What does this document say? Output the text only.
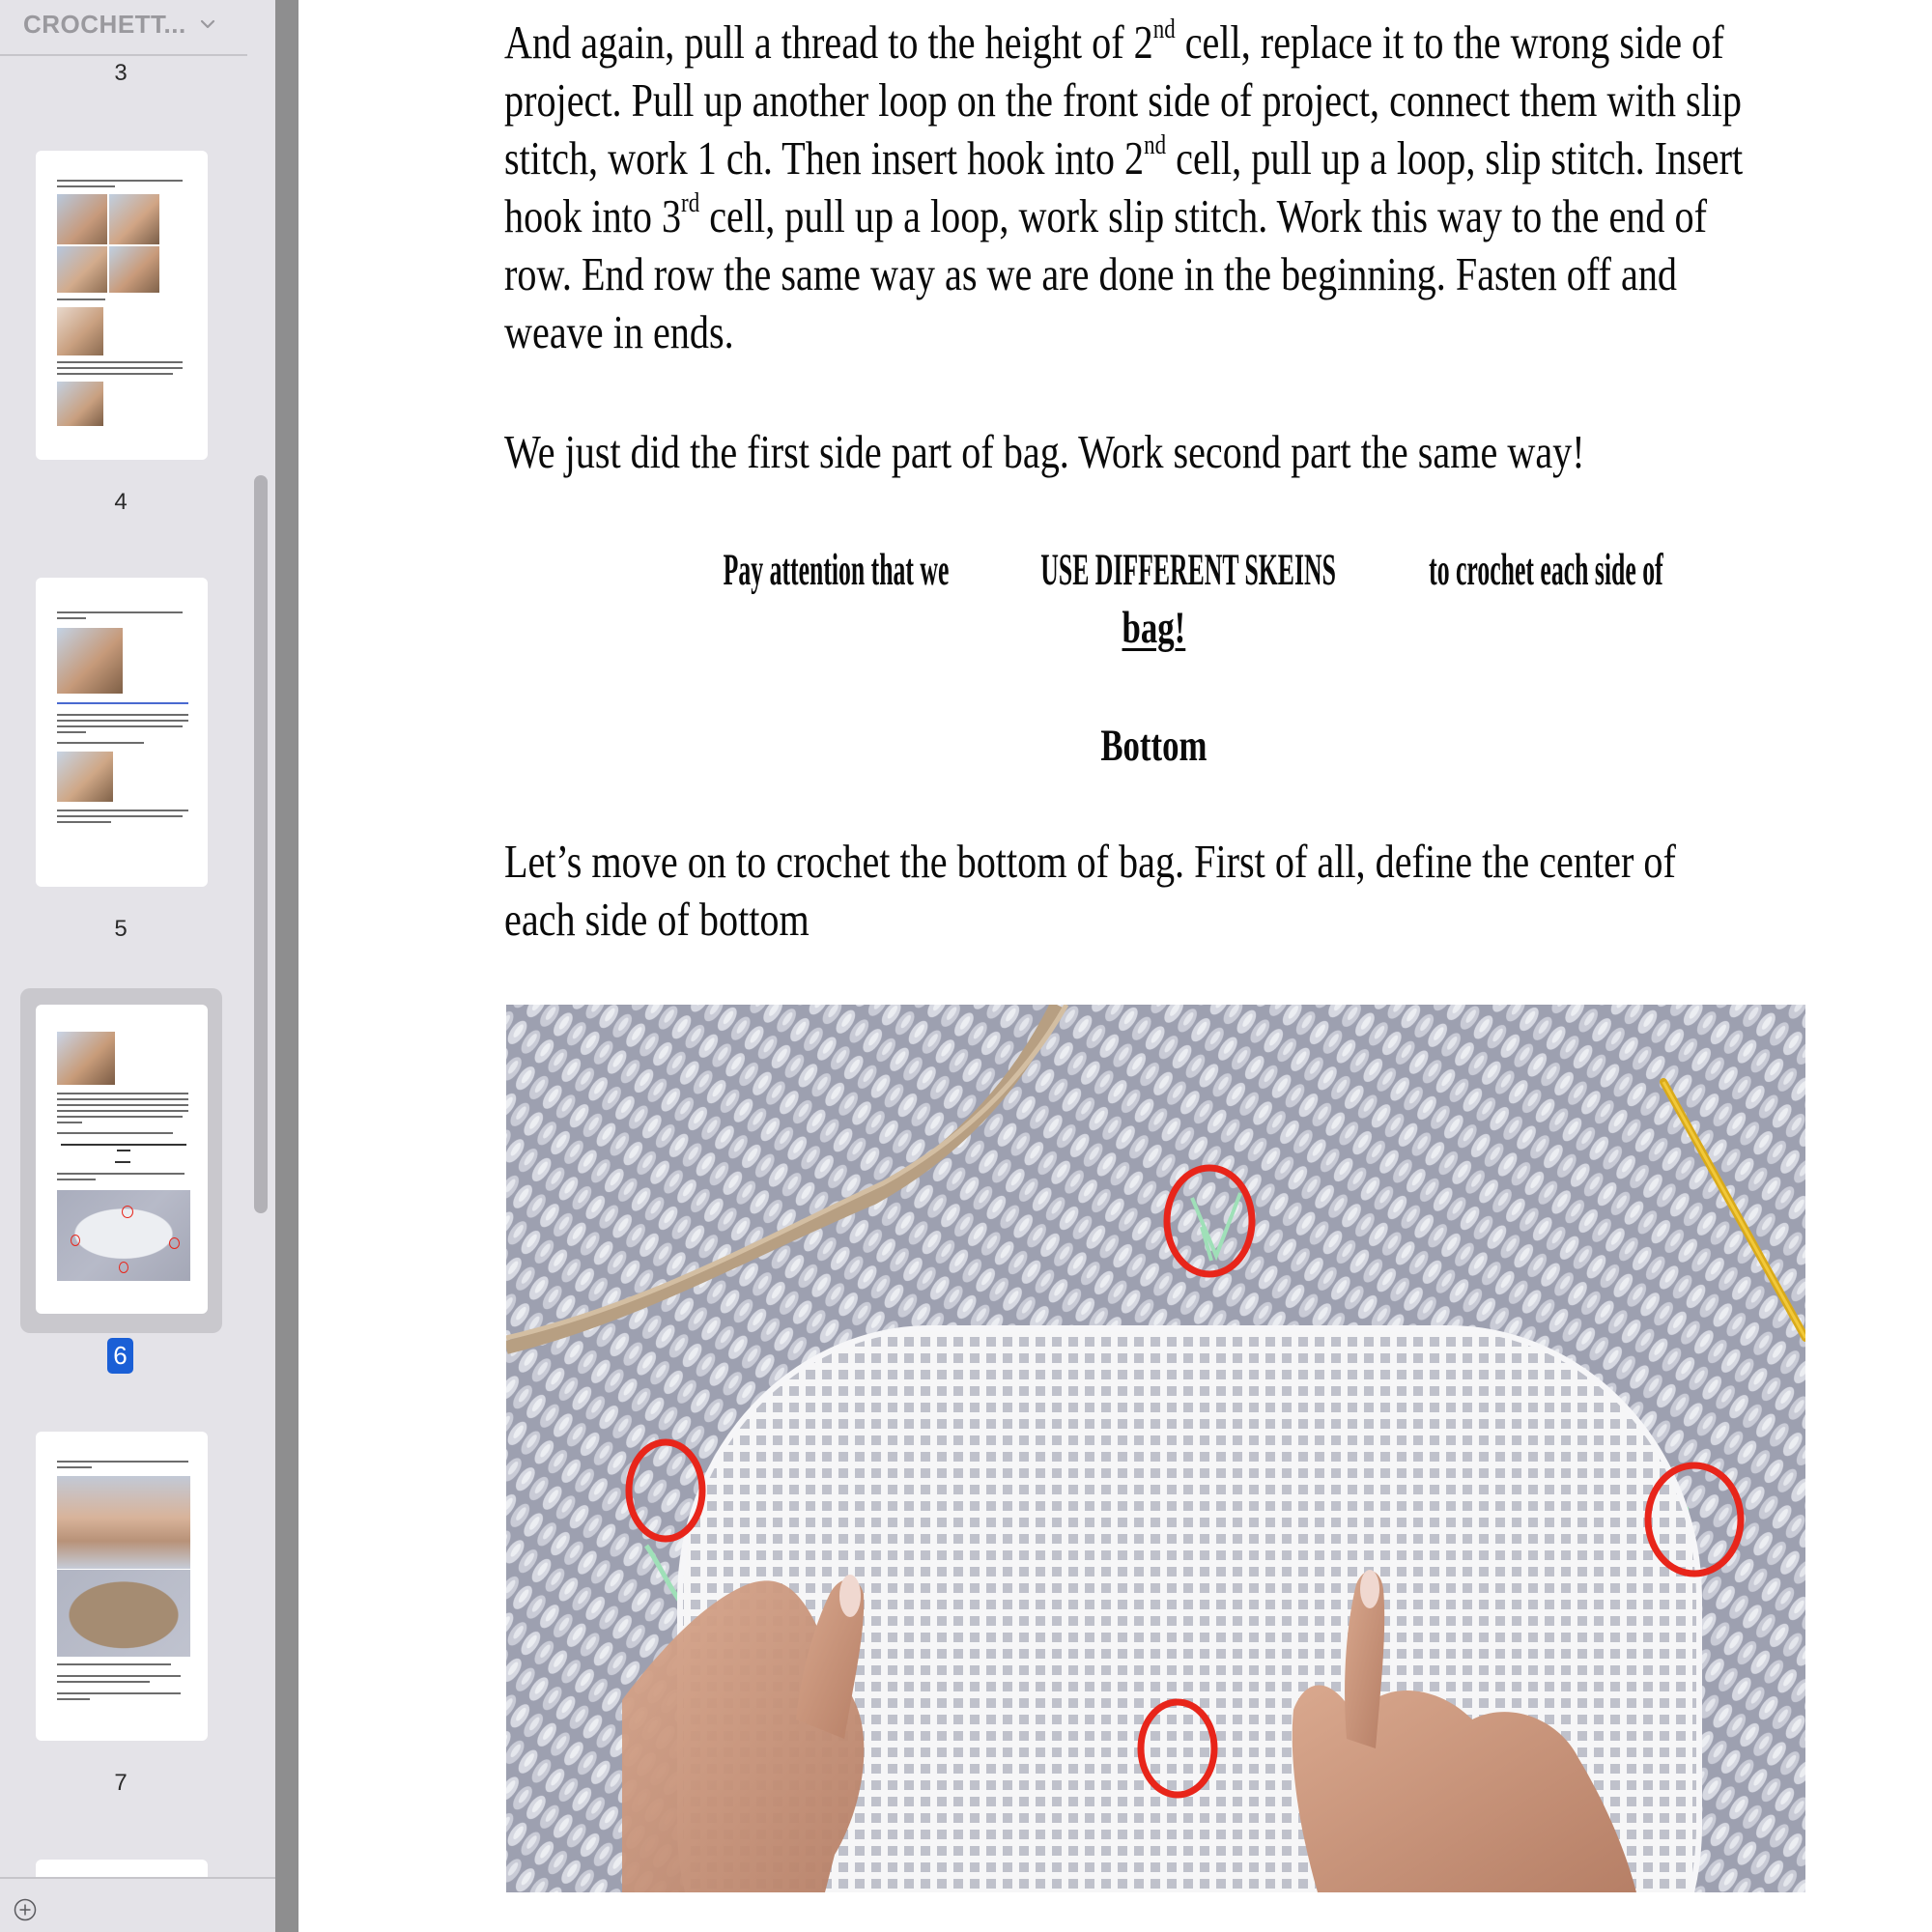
CROCHETT...
3
4
5
6
7
And again, pull a thread to the height of 2nd cell, replace it to the wrong side of
project. Pull up another loop on the front side of project, connect them with slip
stitch, work 1 ch. Then insert hook into 2nd cell, pull up a loop, slip stitch. Insert
hook into 3rd cell, pull up a loop, work slip stitch. Work this way to the end of
row. End row the same way as we are done in the beginning. Fasten off and
weave in ends.
We just did the first side part of bag. Work second part the same way!
Pay attention that weUSE DIFFERENT SKEINSto crochet each side of
bag!
Bottom
Let’s move on to crochet the bottom of bag. First of all, define the center of
each side of bottom
